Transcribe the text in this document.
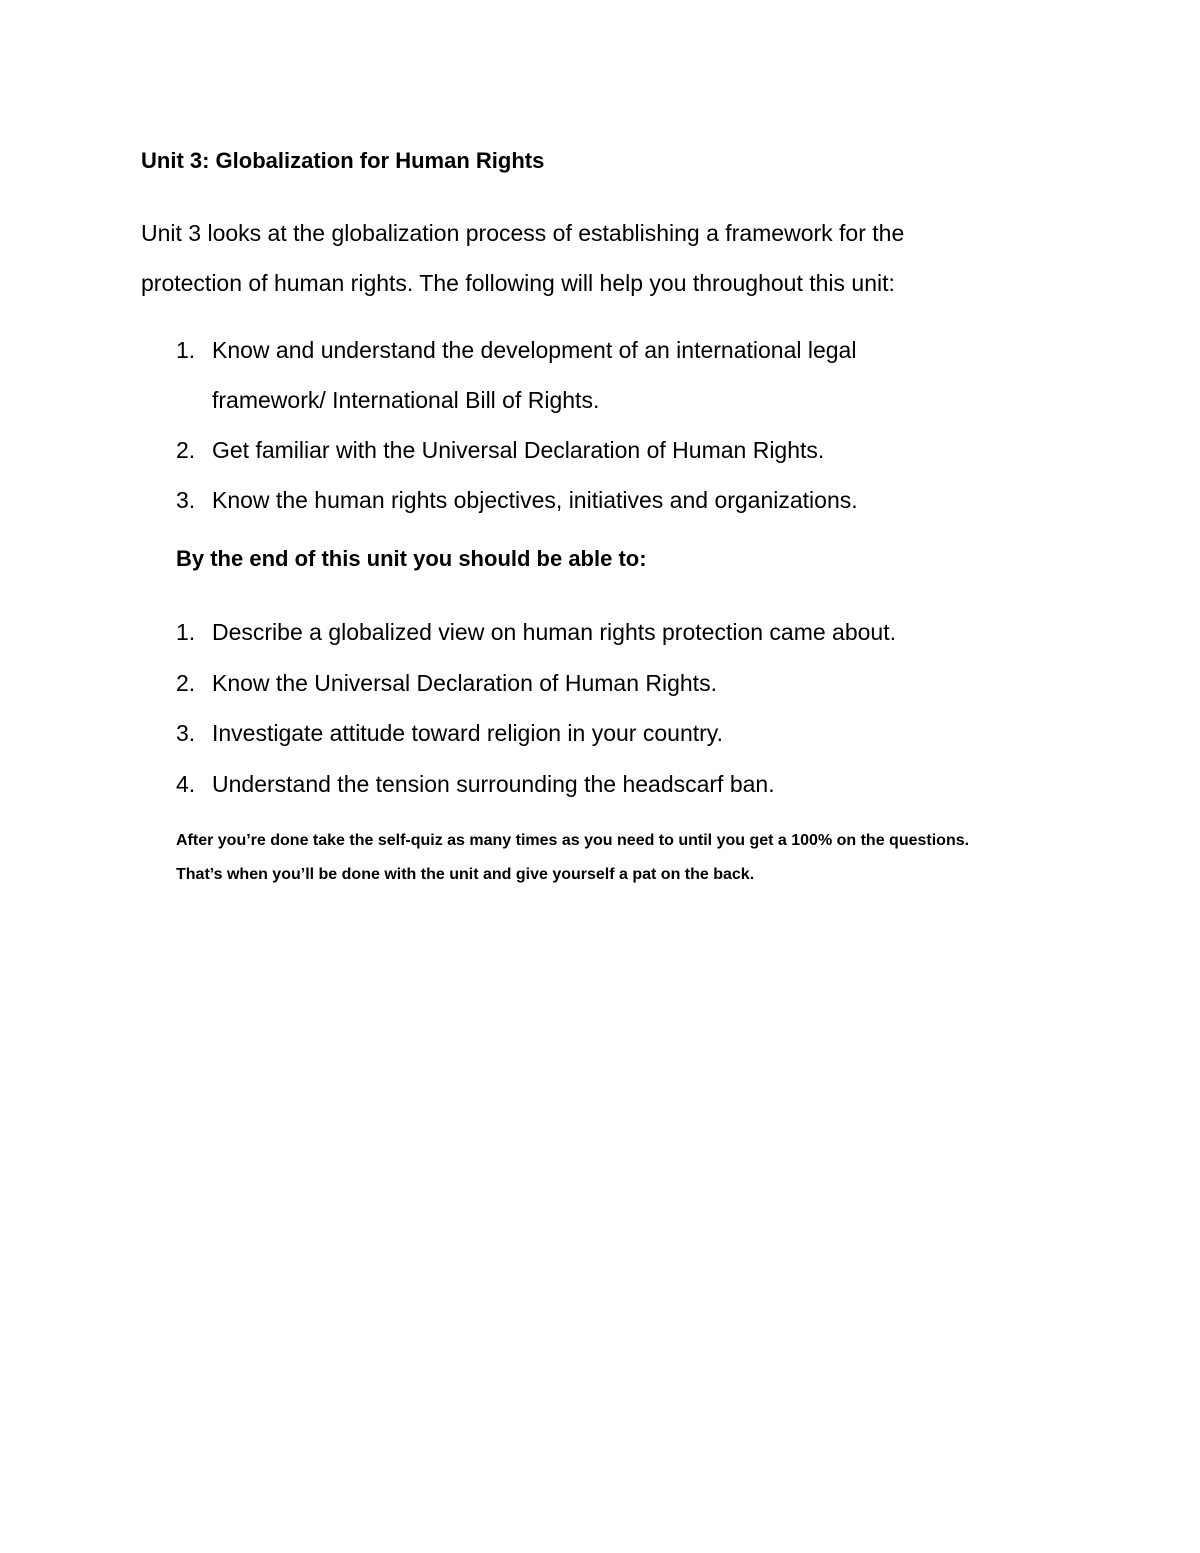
Unit 3: Globalization for Human Rights
Unit 3 looks at the globalization process of establishing a framework for the
protection of human rights. The following will help you throughout this unit:
1. Know and understand the development of an international legal
framework/ International Bill of Rights.
2. Get familiar with the Universal Declaration of Human Rights.
3. Know the human rights objectives, initiatives and organizations.
By the end of this unit you should be able to:
1. Describe a globalized view on human rights protection came about.
2. Know the Universal Declaration of Human Rights.
3. Investigate attitude toward religion in your country.
4. Understand the tension surrounding the headscarf ban.
After you’re done take the self-quiz as many times as you need to until you get a 100% on the questions.
That’s when you’ll be done with the unit and give yourself a pat on the back.
